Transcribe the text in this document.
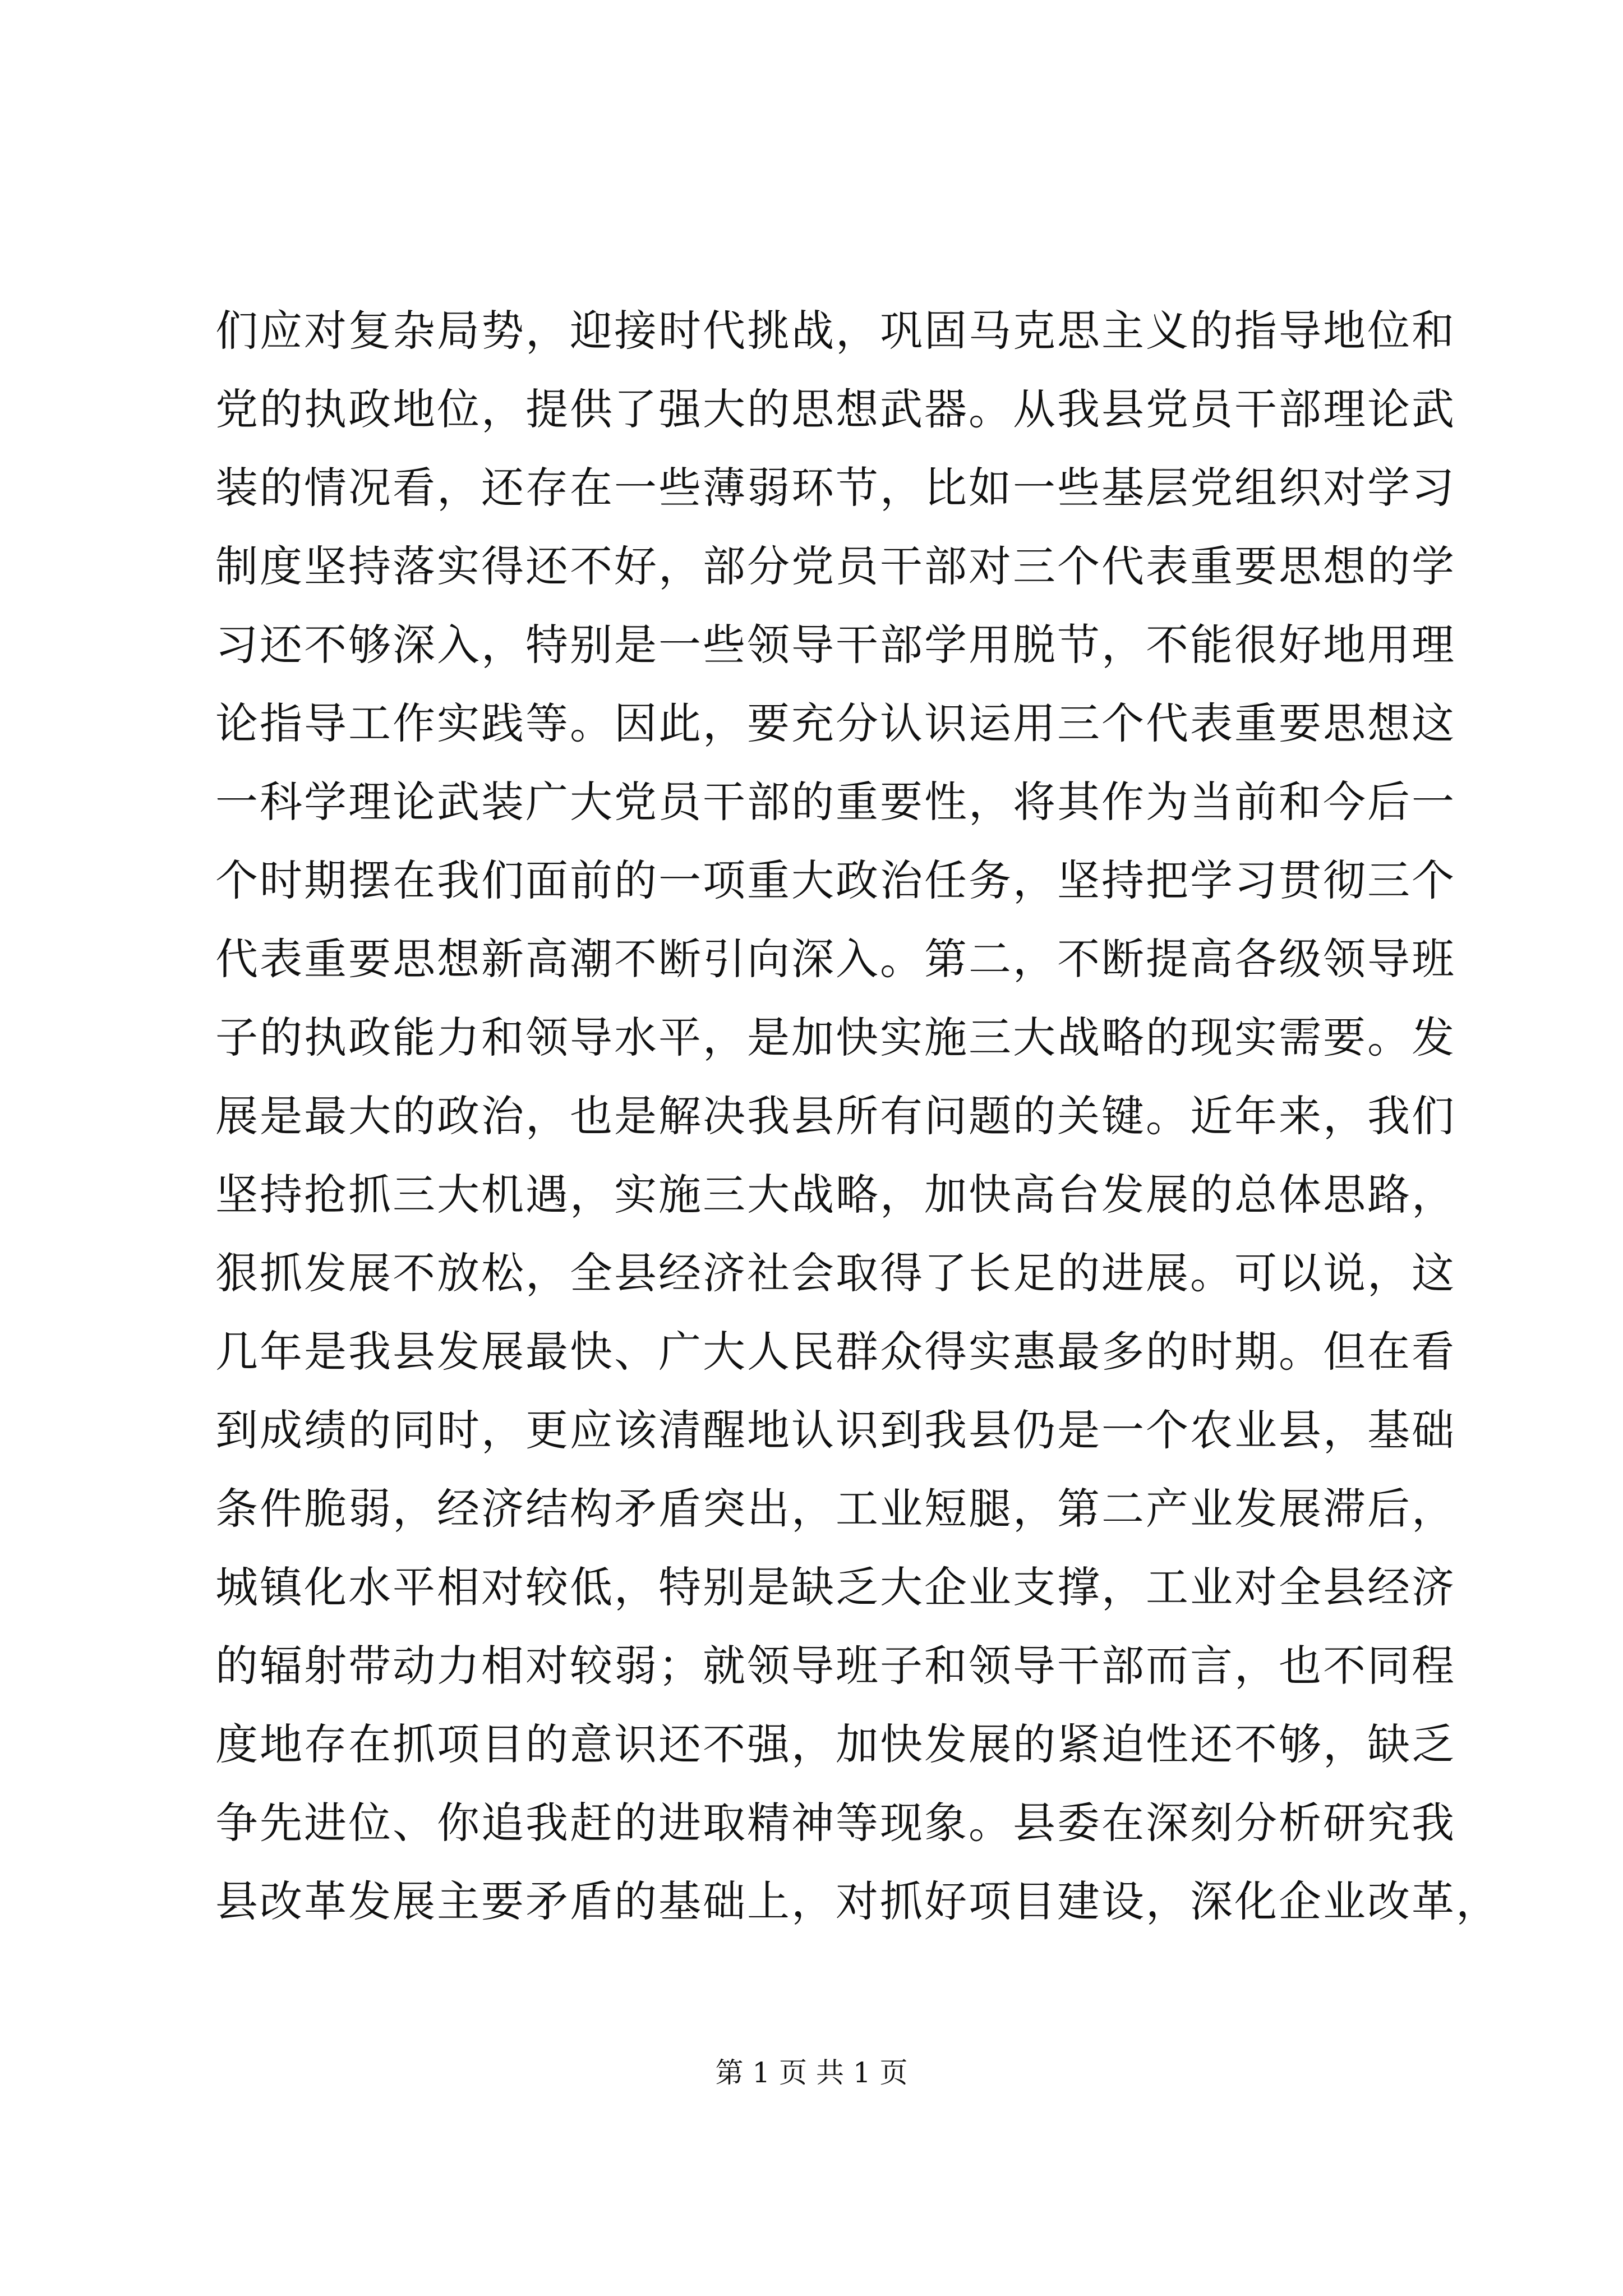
们应对复杂局势，迎接时代挑战，巩固马克思主义的指导地位和
党的执政地位，提供了强大的思想武器。从我县党员干部理论武
装的情况看，还存在一些薄弱环节，比如一些基层党组织对学习
制度坚持落实得还不好，部分党员干部对三个代表重要思想的学
习还不够深入，特别是一些领导干部学用脱节，不能很好地用理
论指导工作实践等。因此，要充分认识运用三个代表重要思想这
一科学理论武装广大党员干部的重要性，将其作为当前和今后一
个时期摆在我们面前的一项重大政治任务，坚持把学习贯彻三个
代表重要思想新高潮不断引向深入。第二，不断提高各级领导班
子的执政能力和领导水平，是加快实施三大战略的现实需要。发
展是最大的政治，也是解决我县所有问题的关键。近年来，我们
坚持抢抓三大机遇，实施三大战略，加快高台发展的总体思路，
狠抓发展不放松，全县经济社会取得了长足的进展。可以说，这
几年是我县发展最快、广大人民群众得实惠最多的时期。但在看
到成绩的同时，更应该清醒地认识到我县仍是一个农业县，基础
条件脆弱，经济结构矛盾突出，工业短腿，第二产业发展滞后，
城镇化水平相对较低，特别是缺乏大企业支撑，工业对全县经济
的辐射带动力相对较弱；就领导班子和领导干部而言，也不同程
度地存在抓项目的意识还不强，加快发展的紧迫性还不够，缺乏
争先进位、你追我赶的进取精神等现象。县委在深刻分析研究我
县改革发展主要矛盾的基础上，对抓好项目建设，深化企业改革，
第 1 页 共 1 页
